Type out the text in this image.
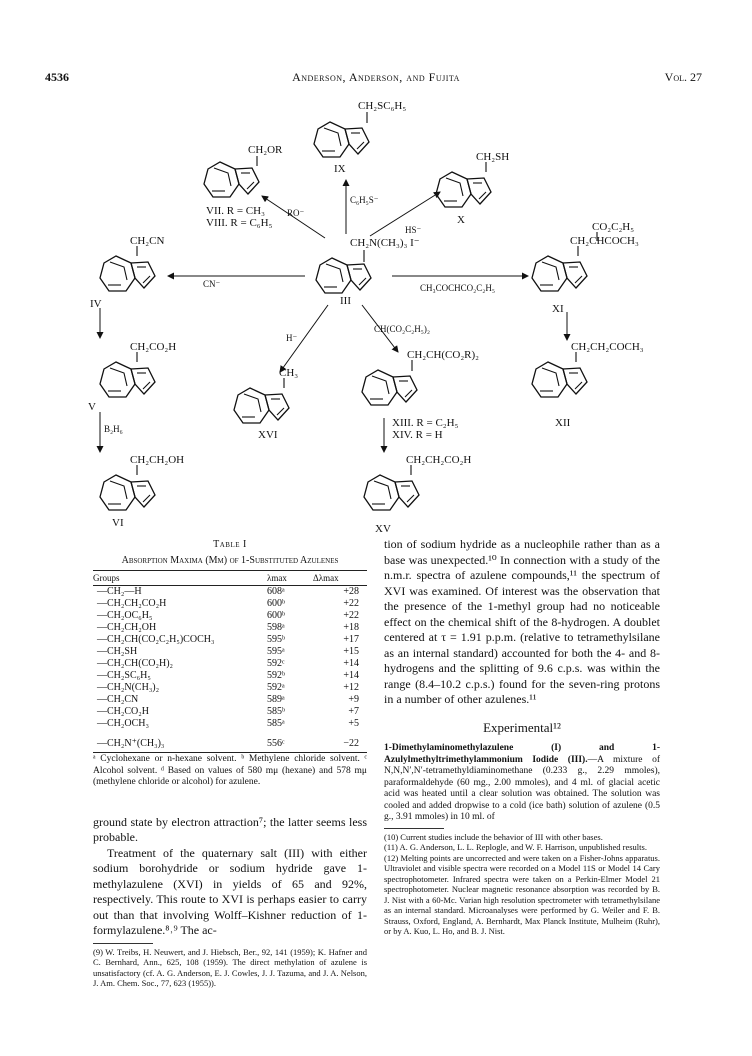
4536	Anderson, Anderson, and Fujita	Vol. 27
CH₂N(CH₃)₃ I⁻
III
CH₂SC₆H₅
IX
CH₂OR
VII. R = CH₃
VIII. R = C₆H₅
CH₂SH
X
CH₂CN
IV
CO₂C₂H₅
CH₂CHCOCH₃
XI
CH₂CO₂H
V
CH₃
XVI
CH₂CH(CO₂R)₂
XIII. R = C₂H₅
XIV. R = H
CH₂CH₂COCH₃
XII
CH₂CH₂OH
VI
CH₂CH₂CO₂H
XV
RO⁻
C₆H₅S⁻
HS⁻
CN⁻	CH₃COCHCO₂C₂H₅
CH(CO₂C₂H₅)₂
H⁻
B₂H₆
Table I
Absorption Maxima (Mμ) of 1-Substituted Azulenes
Groups	λmax	Δλmax
—CH₂—H	608ᵃ	+28
—CH₂CH₂CO₂H	600ᵇ	+22
—CH₂OC₆H₅	600ᵇ	+22
—CH₂CH₂OH	598ᵃ	+18
—CH₂CH(CO₂C₂H₅)COCH₃	595ᵇ	+17
—CH₂SH	595ᵃ	+15
—CH₂CH(CO₂H)₂	592ᶜ	+14
—CH₂SC₆H₅	592ᵇ	+14
—CH₂N(CH₃)₂	592ᵃ	+12
—CH₂CN	589ᵃ	+9
—CH₂CO₂H	585ᵇ	+7
—CH₂OCH₃	585ᵃ	+5
—CH₂N⁺(CH₃)₃	556ᶜ	−22
ᵃ Cyclohexane or n-hexane solvent. ᵇ Methylene chloride solvent. ᶜ Alcohol solvent. ᵈ Based on values of 580 mμ (hexane) and 578 mμ (methylene chloride or alcohol) for azulene.

ground state by electron attraction⁷; the latter seems less probable.

Treatment of the quaternary salt (III) with either sodium borohydride or sodium hydride gave 1-methylazulene (XVI) in yields of 65 and 92%, respectively. This route to XVI is perhaps easier to carry out than that involving Wolff–Kishner reduction of 1-formylazulene.⁸˒⁹ The ac-

(9) W. Treibs, H. Neuwert, and J. Hiebsch, Ber., 92, 141 (1959); K. Hafner and C. Bernhard, Ann., 625, 108 (1959). The direct methylation of azulene is unsatisfactory (cf. A. G. Anderson, E. J. Cowles, J. J. Tazuma, and J. A. Nelson, J. Am. Chem. Soc., 77, 623 (1955)).

tion of sodium hydride as a nucleophile rather than as a base was unexpected.¹⁰ In connection with a study of the n.m.r. spectra of azulene compounds,¹¹ the spectrum of XVI was examined. Of interest was the observation that the presence of the 1-methyl group had no noticeable effect on the chemical shift of the 8-hydrogen. A doublet centered at τ = 1.91 p.p.m. (relative to tetramethylsilane as an internal standard) accounted for both the 4- and 8-hydrogens and the splitting of 9.6 c.p.s. was within the range (8.4–10.2 c.p.s.) found for the seven-ring protons in a number of other azulenes.¹¹

Experimental¹²

1-Dimethylaminomethylazulene (I) and 1-Azulylmethyltrimethylammonium Iodide (III).—A mixture of N,N,N′,N′-tetramethyldiaminomethane (0.233 g., 2.29 mmoles), paraformaldehyde (60 mg., 2.00 mmoles), and 4 ml. of glacial acetic acid was heated until a clear solution was obtained. The solution was cooled and added dropwise to a cold (ice bath) solution of azulene (0.5 g., 3.91 mmoles) in 10 ml. of

(10) Current studies include the behavior of III with other bases.

(11) A. G. Anderson, L. L. Replogle, and W. F. Harrison, unpublished results.

(12) Melting points are uncorrected and were taken on a Fisher-Johns apparatus. Ultraviolet and visible spectra were recorded on a Model 11S or Model 14 Cary spectrophotometer. Infrared spectra were taken on a Perkin-Elmer Model 21 spectrophotometer. Nuclear magnetic resonance absorption was recorded by B. J. Nist with a 60-Mc. Varian high resolution spectrometer with tetramethylsilane as an internal standard. Microanalyses were performed by G. Weiler and F. B. Strauss, Oxford, England, A. Bernhardt, Max Planck Institute, Mulheim (Ruhr), or by A. Kuo, L. Ho, and B. J. Nist.
